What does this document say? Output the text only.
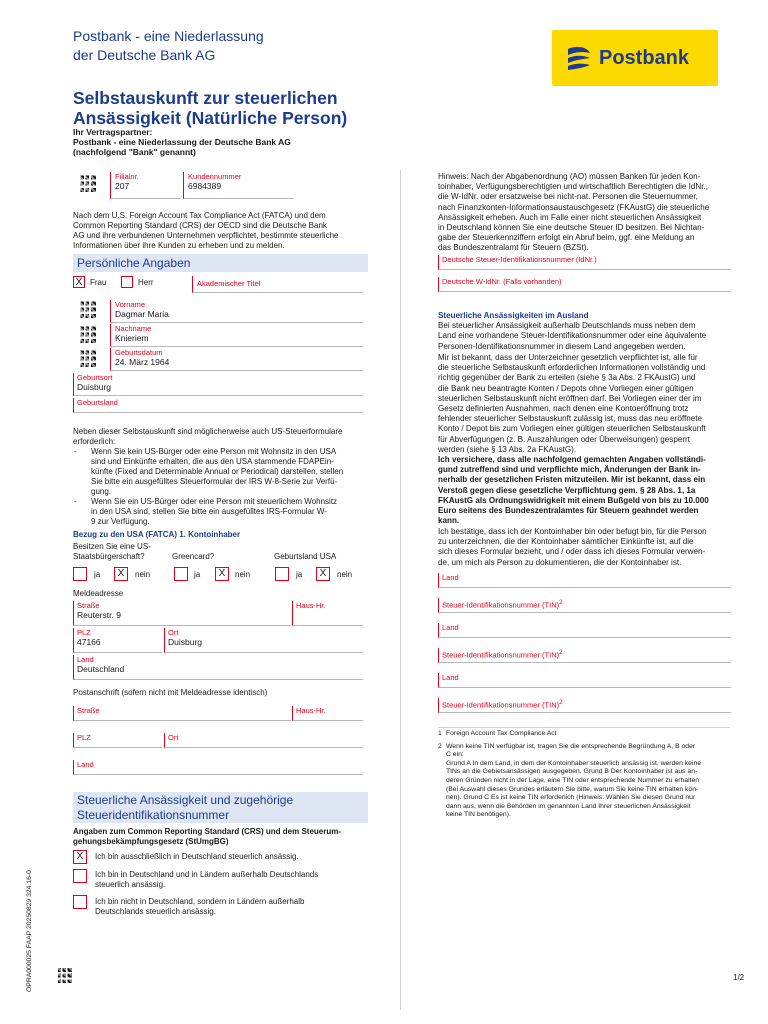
Postbank - eine Niederlassung
der Deutsche Bank AG	Postbank
Selbstauskunft zur steuerlichen
Ansässigkeit (Natürliche Person)
Ihr Vertragspartner:
Postbank - eine Niederlassung der Deutsche Bank AG
(nachfolgend "Bank" genannt)
Filialnr.
207
Kundennummer
6984389
Nach dem U.S. Foreign Account Tax Compliance Act (FATCA) und dem
Common Reporting Standard (CRS) der OECD sind die Deutsche Bank
AG und ihre verbundenen Unternehmen verpflichtet, bestimmte steuerliche
Informationen über ihre Kunden zu erheben und zu melden.
Persönliche Angaben
X Frau	Herr	Akademischer Titel
Vorname
Dagmar Maria
Nachname
Knieriem
Geburtsdatum
24. März 1964
Geburtsort
Duisburg
Geburtsland
Neben dieser Selbstauskunft sind möglicherweise auch US-Steuerformulare
erforderlich:
- Wenn Sie kein US-Bürger oder eine Person mit Wohnsitz in den USA
sind und Einkünfte erhalten, die aus den USA stammende FDAPEin-
künfte (Fixed and Determinable Annual or Periodical) darstellen, stellen
Sie bitte ein ausgefülltes Steuerformular der IRS W-8-Serie zur Verfü-
gung.
- Wenn Sie ein US-Bürger oder eine Person mit steuerlichem Wohnsitz
in den USA sind, stellen Sie bitte ein ausgefülltes IRS-Formular W-
9 zur Verfügung.
Bezug zu den USA (FATCA) 1. Kontoinhaber
Besitzen Sie eine US-
Staatsbürgerschaft?	Greencard?	Geburtsland USA
ja	X	nein	ja	X	nein	ja	X	nein
Meldeadresse
Straße
Reuterstr. 9
Haus-Hr.
PLZ
47166
Ort
Duisburg
Land
Deutschland
Postanschrift (sofern nicht mit Meldeadresse identisch)
Straße	Haus-Hr.
PLZ	Ort
Land
Steuerliche Ansässigkeit und zugehörige
Steueridentifikationsnummer
Angaben zum Common Reporting Standard (CRS) und dem Steuerum-
gehungsbekämpfungsgesetz (StUmgBG)
X	Ich bin ausschließlich in Deutschland steuerlich ansässig.
Ich bin in Deutschland und in Ländern außerhalb Deutschlands
steuerlich ansässig.
Ich bin nicht in Deutschland, sondern in Ländern außerhalb
Deutschlands steuerlich ansässig.
OPRA000025 FAAP 20250829 324.16-0
Hinweis: Nach der Abgabenordnung (AO) müssen Banken für jeden Kon-
toinhaber, Verfügungsberechtigten und wirtschaftlich Berechtigten die IdNr.,
die W-IdNr. oder ersatzweise bei nicht-nat. Personen die Steuernummer,
nach Finanzkonten-Informationsaustauschgesetz (FKAustG) die steuerliche
Ansässigkeit erheben. Auch im Falle einer nicht steuerlichen Ansässigkeit
in Deutschland können Sie eine deutsche Steuer ID besitzen. Bei Nichtan-
gabe der Steuerkennziffern erfolgt ein Abruf beim, ggf. eine Meldung an
das Bundeszentralamt für Steuern (BZSt).
Deutsche Steuer-Identifikationsnummer (IdNr.)
Deutsche W-IdNr. (Falls vorhanden)
Steuerliche Ansässigkeiten im Ausland
Bei steuerlicher Ansässigkeit außerhalb Deutschlands muss neben dem
Land eine vorhandene Steuer-Identifikationsnummer oder eine äquivalente
Personen-Identifikationsnummer in diesem Land angegeben werden.
Mir ist bekannt, dass der Unterzeichner gesetzlich verpflichtet ist, alle für
die steuerliche Selbstauskunft erforderlichen Informationen vollständig und
richtig gegenüber der Bank zu erteilen (siehe § 3a Abs. 2 FKAustG) und
die Bank neu beantragte Konten / Depots ohne Vorliegen einer gültigen
steuerlichen Selbstauskunft nicht eröffnen darf. Bei Vorliegen einer der im
Gesetz definierten Ausnahmen, nach denen eine Kontoeröffnung trotz
fehlender steuerlicher Selbstauskunft zulässig ist, muss das neu eröffnete
Konto / Depot bis zum Vorliegen einer gültigen steuerlichen Selbstauskunft
für Abverfügungen (z. B. Auszahlungen oder Überweisungen) gesperrt
werden (siehe § 13 Abs. 2a FKAustG).
Ich versichere, dass alle nachfolgend gemachten Angaben vollständi-
gund zutreffend sind und verpflichte mich, Änderungen der Bank in-
nerhalb der gesetzlichen Fristen mitzuteilen. Mir ist bekannt, dass ein
Verstoß gegen diese gesetzliche Verpflichtung gem. § 28 Abs. 1, 1a
FKAustG als Ordnungswidrigkeit mit einem Bußgeld von bis zu 10.000
Euro seitens des Bundeszentralamtes für Steuern geahndet werden
kann.
Ich bestätige, dass ich der Kontoinhaber bin oder befugt bin, für die Person
zu unterzeichnen, die der Kontoinhaber sämtlicher Einkünfte ist, auf die
sich dieses Formular bezieht, und / oder dass ich dieses Formular verwen-
de, um mich als Person zu dokumentieren, die der Kontoinhaber ist.
Land
Steuer-Identifikationsnummer (TIN)$^2$
Land
Steuer-Identifikationsnummer (TIN)$^2$
Land
Steuer-Identifikationsnummer (TIN)$^2$
1 Foreign Account Tax Compliance Act
2 Wenn keine TIN verfügbar ist, tragen Sie die entsprechende Begründung A, B oder
C ein:
Grund A In dem Land, in dem der Kontoinhaber steuerlich ansässig ist, werden keine
TINs an die Gebietsansässigen ausgegeben. Grund B Der Kontoinhaber ist aus an-
deren Gründen nicht in der Lage, eine TIN oder entsprechende Nummer zu erhalten
(Bei Auswahl dieses Grundes erläutern Sie bitte, warum Sie keine TIN erhalten kön-
nen). Grund C Es ist keine TIN erforderlich (Hinweis: Wählen Sie diesen Grund nur
dann aus, wenn die Behörden im genannten Land Ihrer steuerlichen Ansässigkeit
keine TIN benötigen).
1/2
